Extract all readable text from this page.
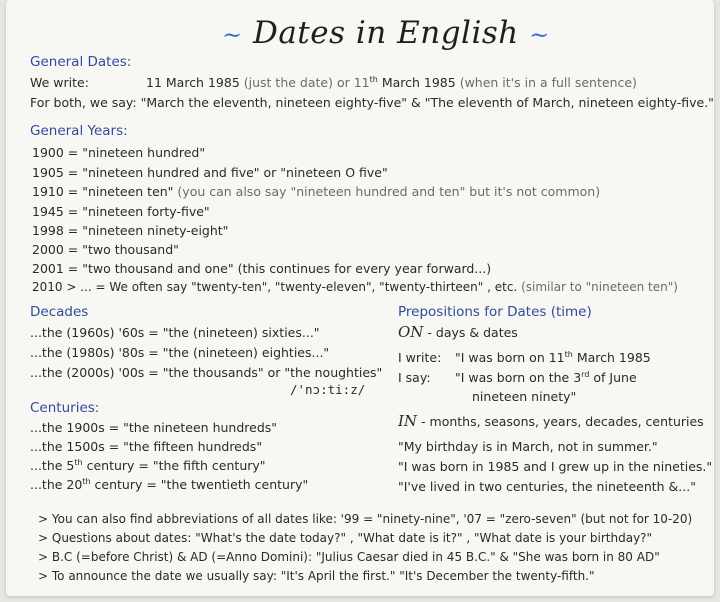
~ Dates in English ~
General Dates:
We write:	11 March 1985 (just the date) or 11th March 1985 (when it's in a full sentence)
For both, we say: "March the eleventh, nineteen eighty-five" & "The eleventh of March, nineteen eighty-five."
General Years:
1900 = "nineteen hundred"
1905 = "nineteen hundred and five" or "nineteen O five"
1910 = "nineteen ten" (you can also say "nineteen hundred and ten" but it's not common)
1945 = "nineteen forty-five"
1998 = "nineteen ninety-eight"
2000 = "two thousand"
2001 = "two thousand and one" (this continues for every year forward...)
2010 > ... = We often say "twenty-ten", "twenty-eleven", "twenty-thirteen" , etc. (similar to "nineteen ten")
Decades
...the (1960s) '60s = "the (nineteen) sixties..."
...the (1980s) '80s = "the (nineteen) eighties..."
...the (2000s) '00s = "the thousands" or "the noughties"
/'nɔ:ti:z/
Centuries:
...the 1900s = "the nineteen hundreds"
...the 1500s = "the fifteen hundreds"
...the 5th century = "the fifth century"
...the 20th century = "the twentieth century"
Prepositions for Dates (time)
ON - days & dates
I write: "I was born on 11th March 1985
I say: "I was born on the 3rd of June
nineteen ninety"
IN - months, seasons, years, decades, centuries
"My birthday is in March, not in summer."
"I was born in 1985 and I grew up in the nineties."
"I've lived in two centuries, the nineteenth &..."
> You can also find abbreviations of all dates like: '99 = "ninety-nine", '07 = "zero-seven" (but not for 10-20)
> Questions about dates: "What's the date today?" , "What date is it?" , "What date is your birthday?"
> B.C (=before Christ) & AD (=Anno Domini): "Julius Caesar died in 45 B.C." & "She was born in 80 AD"
> To announce the date we usually say: "It's April the first." "It's December the twenty-fifth."
